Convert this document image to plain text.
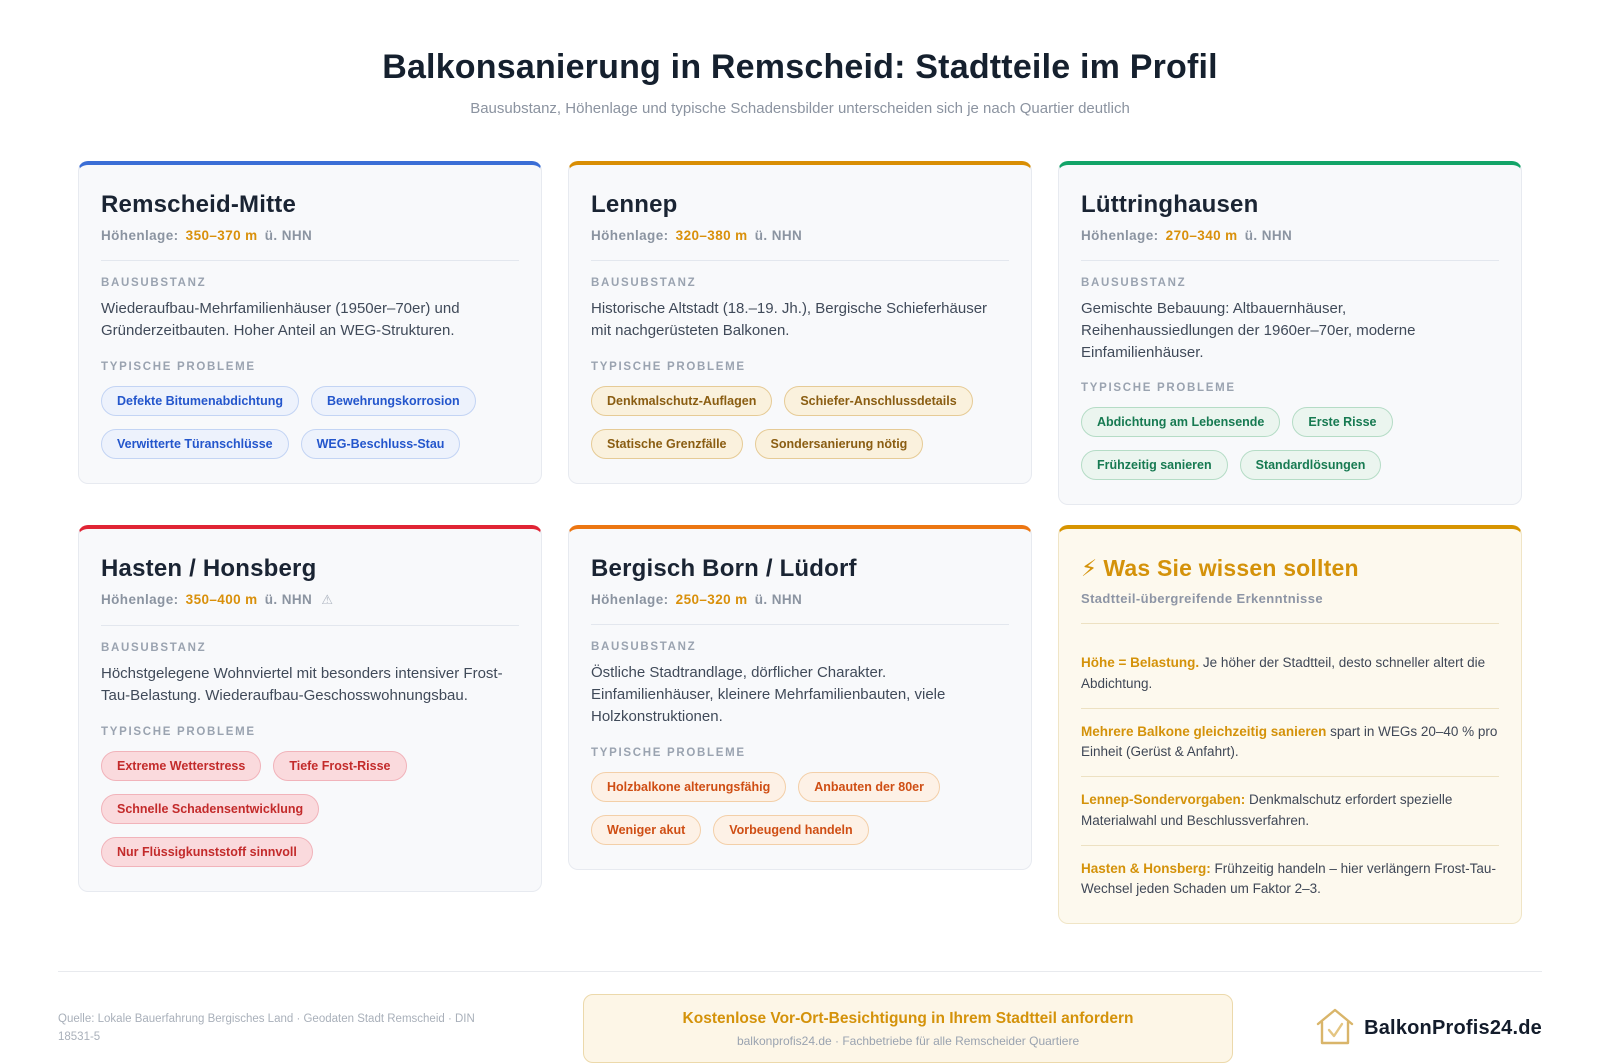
Balkonsanierung in Remscheid: Stadtteile im Profil
Bausubstanz, Höhenlage und typische Schadensbilder unterscheiden sich je nach Quartier deutlich
Remscheid-Mitte
Höhenlage: 350–370 m ü. NHN
BAUSUBSTANZ

Wiederaufbau-Mehrfamilienhäuser (1950er–70er) und Gründerzeitbauten. Hoher Anteil an WEG-Strukturen.

TYPISCHE PROBLEME
Defekte Bitumenabdichtung	Bewehrungskorrosion
Verwitterte Türanschlüsse	WEG-Beschluss-Stau
Lennep
Höhenlage: 320–380 m ü. NHN
BAUSUBSTANZ

Historische Altstadt (18.–19. Jh.), Bergische Schieferhäuser mit nachgerüsteten Balkonen.

TYPISCHE PROBLEME
Denkmalschutz-Auflagen	Schiefer-Anschlussdetails
Statische Grenzfälle	Sondersanierung nötig
Lüttringhausen
Höhenlage: 270–340 m ü. NHN
BAUSUBSTANZ

Gemischte Bebauung: Altbauernhäuser, Reihenhaussiedlungen der 1960er–70er, moderne Einfamilienhäuser.

TYPISCHE PROBLEME
Abdichtung am Lebensende	Erste Risse
Frühzeitig sanieren	Standardlösungen
Hasten / Honsberg
Höhenlage: 350–400 m ü. NHN ⚠
BAUSUBSTANZ

Höchstgelegene Wohnviertel mit besonders intensiver Frost-Tau-Belastung. Wiederaufbau-Geschosswohnungsbau.

TYPISCHE PROBLEME
Extreme Wetterstress	Tiefe Frost-Risse
Schnelle Schadensentwicklung
Nur Flüssigkunststoff sinnvoll
Bergisch Born / Lüdorf
Höhenlage: 250–320 m ü. NHN
BAUSUBSTANZ

Östliche Stadtrandlage, dörflicher Charakter. Einfamilienhäuser, kleinere Mehrfamilienbauten, viele Holzkonstruktionen.

TYPISCHE PROBLEME
Holzbalkone alterungsfähig	Anbauten der 80er
Weniger akut	Vorbeugend handeln
⚡ Was Sie wissen sollten
Stadtteil-übergreifende Erkenntnisse
Höhe = Belastung. Je höher der Stadtteil, desto schneller altert die Abdichtung.
Mehrere Balkone gleichzeitig sanieren spart in WEGs 20–40 % pro Einheit (Gerüst & Anfahrt).
Lennep-Sondervorgaben: Denkmalschutz erfordert spezielle Materialwahl und Beschlussverfahren.
Hasten & Honsberg: Frühzeitig handeln – hier verlängern Frost-Tau-Wechsel jeden Schaden um Faktor 2–3.
Quelle: Lokale Bauerfahrung Bergisches Land · Geodaten Stadt Remscheid · DIN 18531-5
Kostenlose Vor-Ort-Besichtigung in Ihrem Stadtteil anfordern
balkonprofis24.de · Fachbetriebe für alle Remscheider Quartiere
BalkonProfis24.de
